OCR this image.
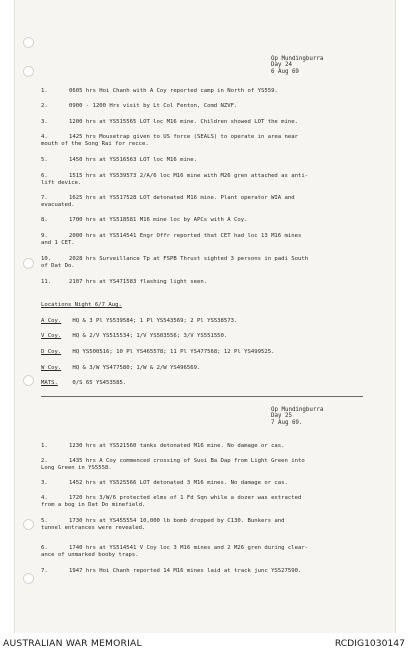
Op Mundingburra
Day 24
6 Aug 69
1.	0605 hrs Hoi Chanh with A Coy reported camp in North of YS559.
2.	0900 - 1200 Hrs visit by Lt Col Fenton, Comd NZVF.
3.	1200 hrs at YS515565 LOT loc M16 mine. Children showed LOT the mine.
4.	1425 hrs Mousetrap given to US force (SEALS) to operate in area near
mouth of the Song Rai for recce.
5.	1450 hrs at YS516563 LOT loc M16 mine.
6.	1515 hrs at YS539573 2/A/6 loc M16 mine with M26 gren attached as anti-
lift device.
7.	1625 hrs at YS517528 LOT detonated M16 mine. Plant operator WIA and
evacuated.
8.	1700 hrs at YS518581 M16 mine loc by APCs with A Coy.
9.	2000 hrs at YS514541 Engr Offr reported that CET had loc 13 M16 mines
and 1 CET.
10.	2028 hrs Surveillance Tp at FSPB Thrust sighted 3 persons in padi South
of Dat Do.
11.	2107 hrs at YS471583 flashing light seen.
Locations Night 6/7 Aug.
A Coy. HQ & 3 Pl YS539584; 1 Pl YS543569; 2 Pl YS538573.
V Coy. HQ & 2/V YS515534; 1/V YS503556; 3/V YS551550.
D Coy. HQ YS500516; 10 Pl YS465578; 11 Pl YS477568; 12 Pl YS499525.
W Coy. HQ & 3/W YS477580; 1/W & 2/W YS496569.
MATS.	0/S 65 YS453585.
Op Mundingburra
Day 25
7 Aug 69.
1.	1230 hrs at YS521560 tanks detonated M16 mine. No damage or cas.
2.	1435 hrs A Coy commenced crossing of Suoi Ba Dap from Light Green into
Long Green in YS5558.
3.	1452 hrs at YS525566 LOT detonated 3 M16 mines. No damage or cas.
4.	1720 hrs 3/W/6 protected elms of 1 Fd Sqn while a dozer was extracted
from a bog in Dat Do minefield.
5.	1730 hrs at YS455554 10,000 lb bomb dropped by C130. Bunkers and
tunnel entrances were revealed.
6.	1740 hrs at YS514541 V Coy loc 3 M16 mines and 2 M26 gren during clear-
ance of unmarked booby traps.
7.	1947 hrs Hoi Chanh reported 14 M16 mines laid at track junc YS527590.
AUSTRALIAN WAR MEMORIAL	RCDIG1030147
